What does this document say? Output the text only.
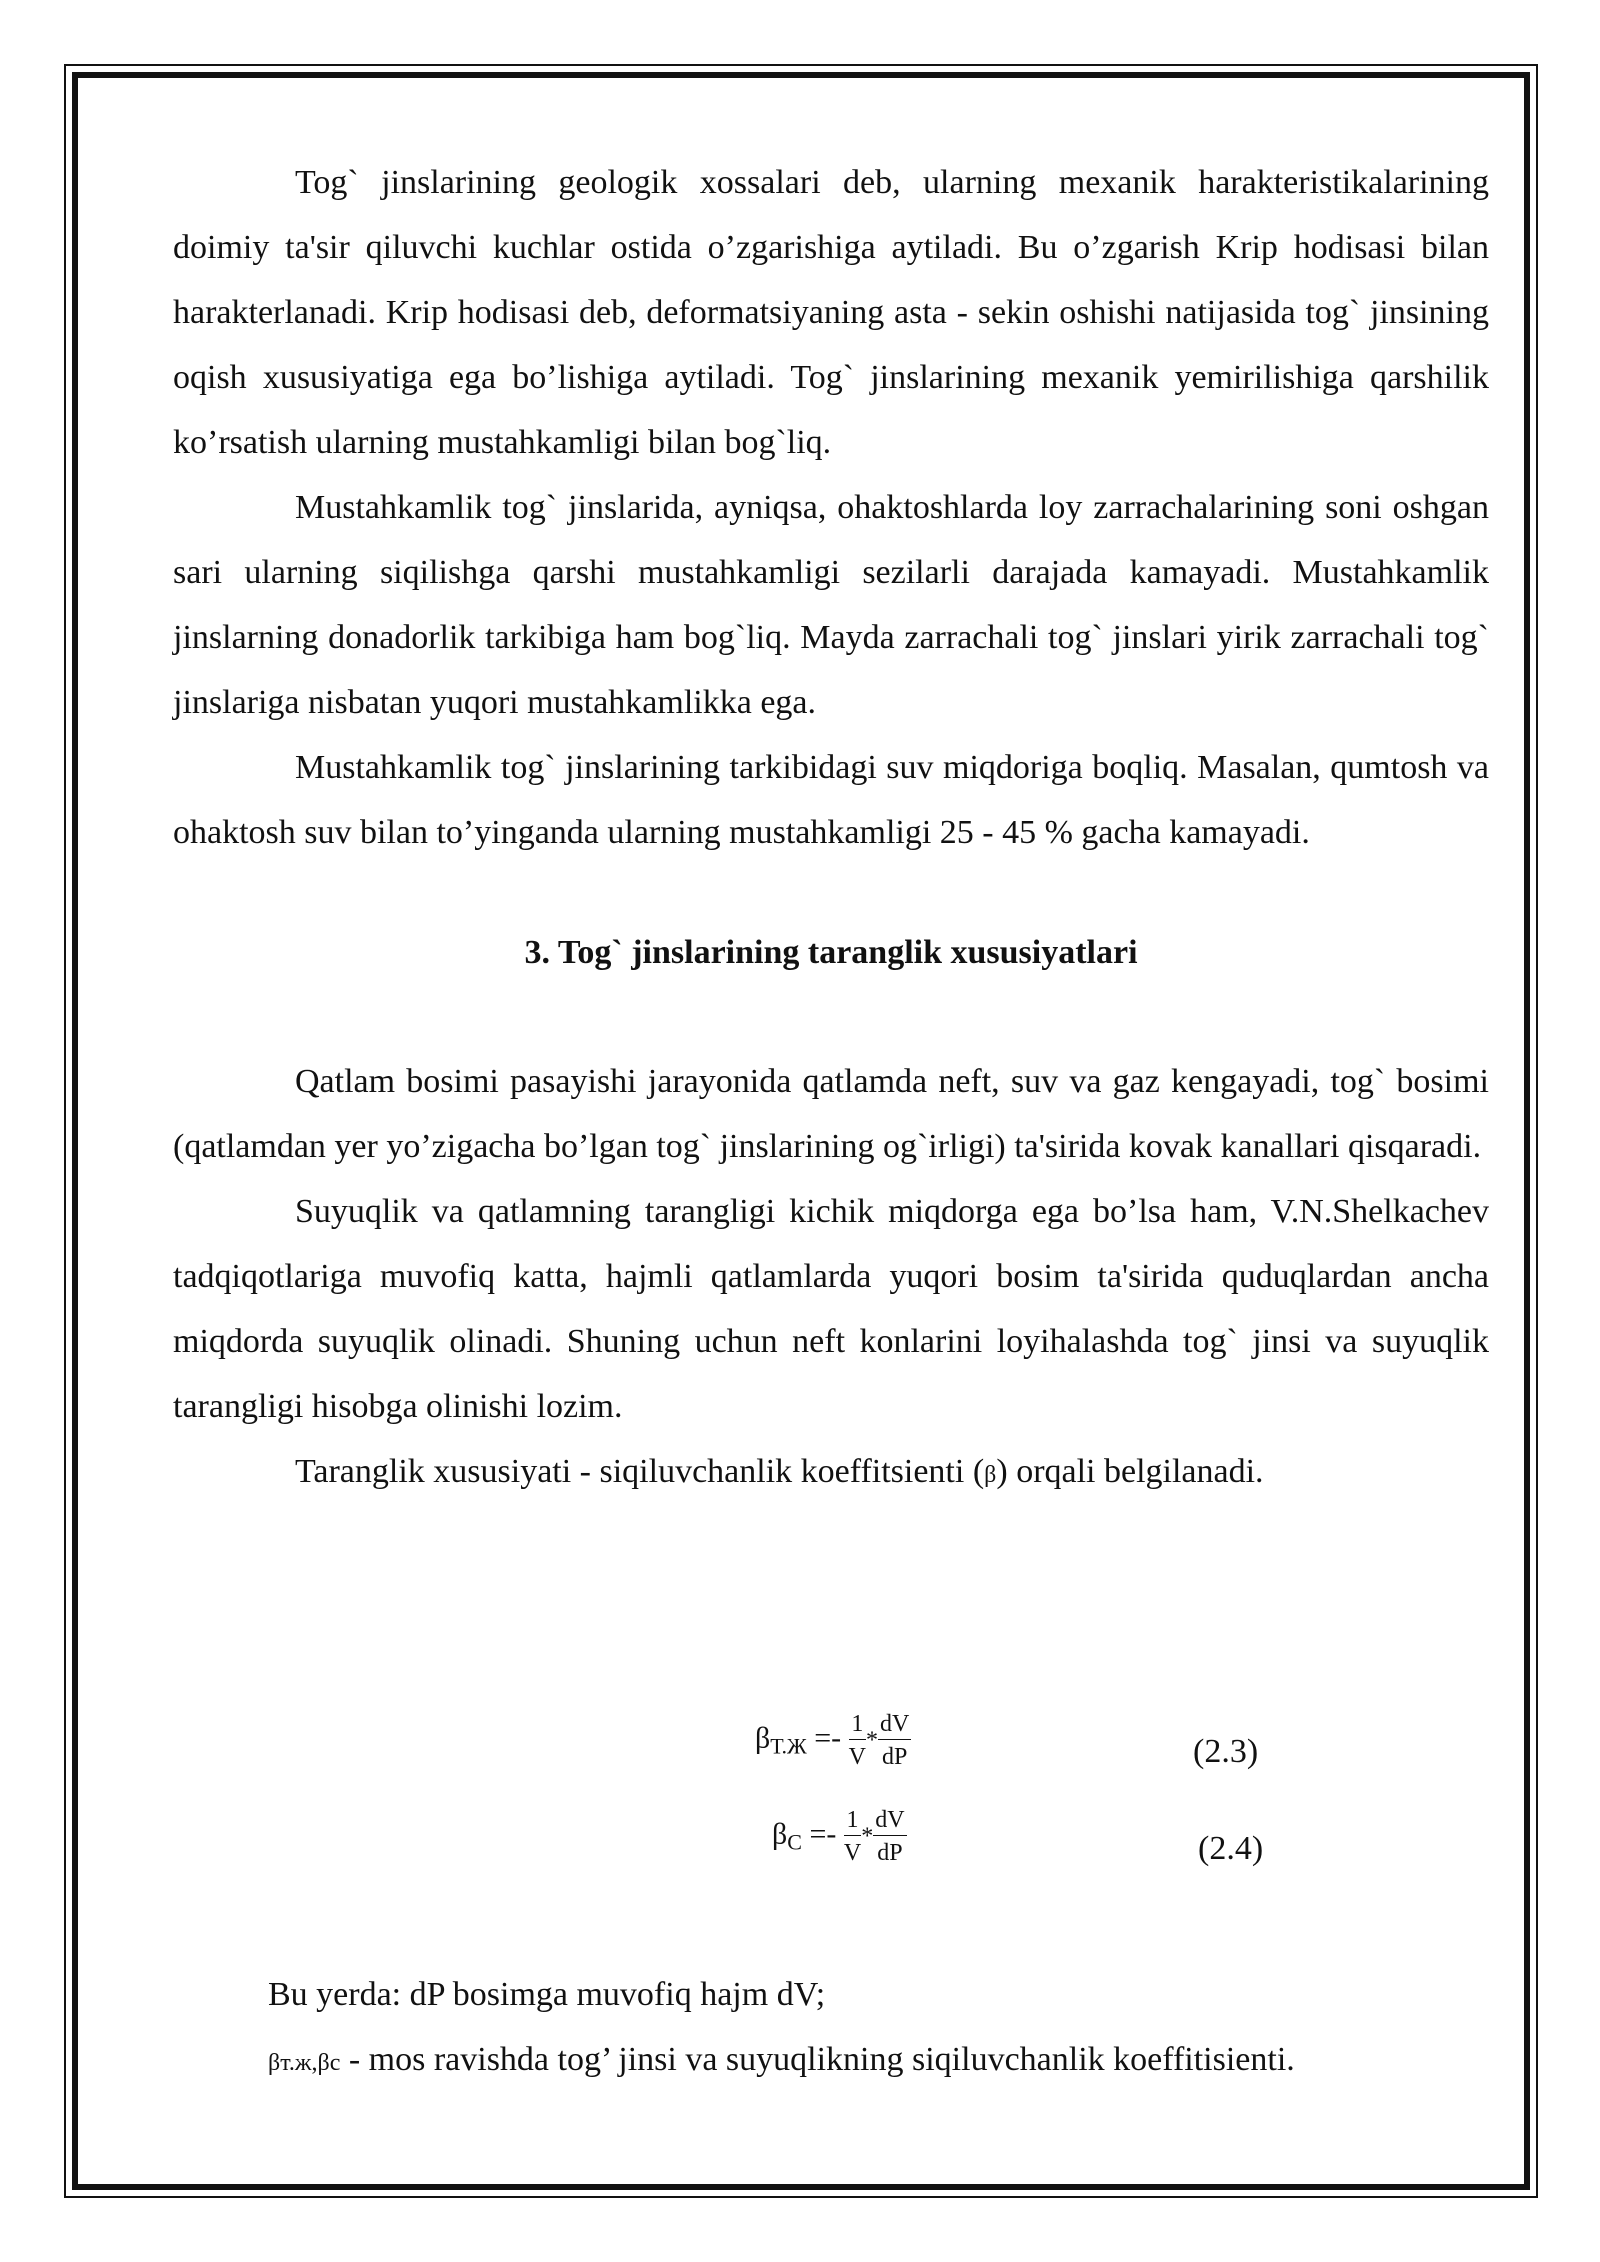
Tog` jinslarining geologik xossalari deb, ularning mexanik harakteristikalarining doimiy ta'sir qiluvchi kuchlar ostida o’zgarishiga aytiladi. Bu o’zgarish Krip hodisasi bilan harakterlanadi. Krip hodisasi deb, deformatsiyaning asta - sekin oshishi natijasida tog` jinsining oqish xususiyatiga ega bo’lishiga aytiladi. Tog` jinslarining mexanik yemirilishiga qarshilik ko’rsatish ularning mustahkamligi bilan bog`liq.

Mustahkamlik tog` jinslarida, ayniqsa, ohaktoshlarda loy zarrachalarining soni oshgan sari ularning siqilishga qarshi mustahkamligi sezilarli darajada kamayadi. Mustahkamlik jinslarning donadorlik tarkibiga ham bog`liq. Mayda zarrachali tog` jinslari yirik zarrachali tog` jinslariga nisbatan yuqori mustahkamlikka ega.

Mustahkamlik tog` jinslarining tarkibidagi suv miqdoriga boqliq. Masalan, qumtosh va ohaktosh suv bilan to’yinganda ularning mustahkamligi 25 - 45 % gacha kamayadi.

3. Tog` jinslarining taranglik xususiyatlari

Qatlam bosimi pasayishi jarayonida qatlamda neft, suv va gaz kengayadi, tog` bosimi (qatlamdan yer yo’zigacha bo’lgan tog` jinslarining og`irligi) ta'sirida kovak kanallari qisqaradi.

Suyuqlik va qatlamning tarangligi kichik miqdorga ega bo’lsa ham, V.N.Shelkachev tadqiqotlariga muvofiq katta, hajmli qatlamlarda yuqori bosim ta'sirida quduqlardan ancha miqdorda suyuqlik olinadi. Shuning uchun neft konlarini loyihalashda tog` jinsi va suyuqlik tarangligi hisobga olinishi lozim.

Taranglik xususiyati - siqiluvchanlik koeffitsienti (β) orqali belgilanadi.

$\beta_{Т.Ж} =- \frac{1}{V} * \frac{dV}{dP}$	(2.3)
$\beta_C =- \frac{1}{V} * \frac{dV}{dP}$	(2.4)
Bu yerda: dP bosimga muvofiq hajm dV;
βт.ж,βc - mos ravishda tog’ jinsi va suyuqlikning siqiluvchanlik koeffitisienti.
